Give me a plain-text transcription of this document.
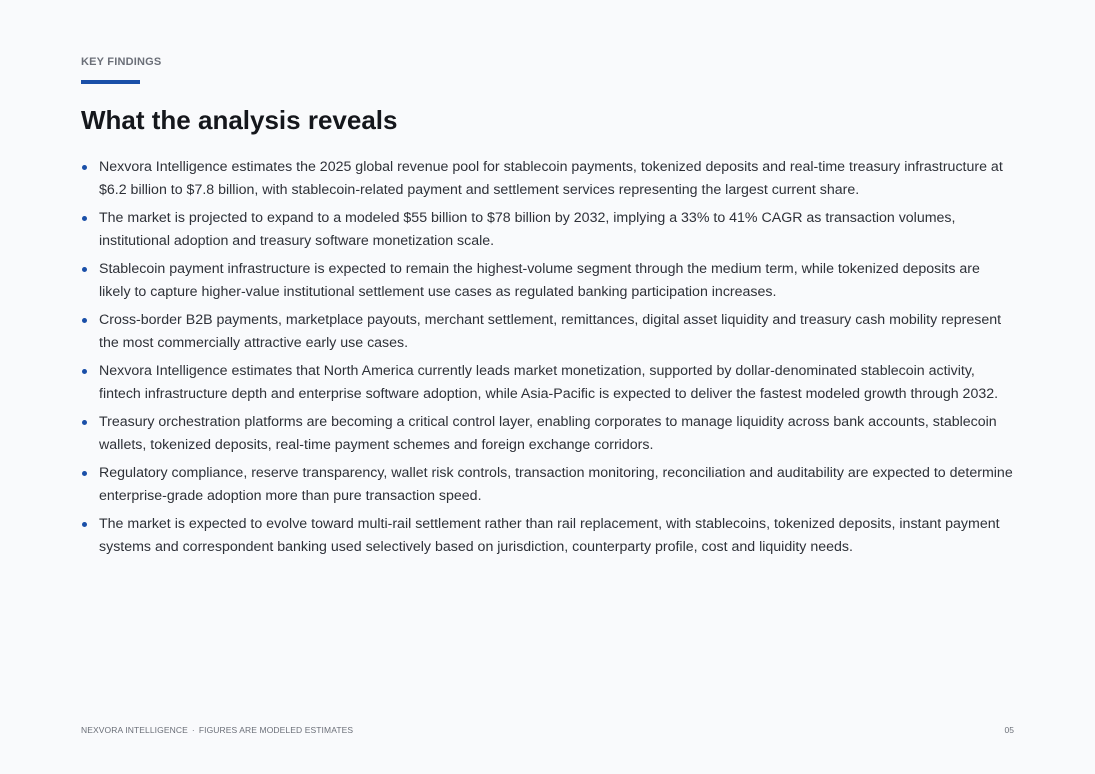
KEY FINDINGS
What the analysis reveals
Nexvora Intelligence estimates the 2025 global revenue pool for stablecoin payments, tokenized deposits and real-time treasury infrastructure at $6.2 billion to $7.8 billion, with stablecoin-related payment and settlement services representing the largest current share.
The market is projected to expand to a modeled $55 billion to $78 billion by 2032, implying a 33% to 41% CAGR as transaction volumes, institutional adoption and treasury software monetization scale.
Stablecoin payment infrastructure is expected to remain the highest-volume segment through the medium term, while tokenized deposits are likely to capture higher-value institutional settlement use cases as regulated banking participation increases.
Cross-border B2B payments, marketplace payouts, merchant settlement, remittances, digital asset liquidity and treasury cash mobility represent the most commercially attractive early use cases.
Nexvora Intelligence estimates that North America currently leads market monetization, supported by dollar-denominated stablecoin activity, fintech infrastructure depth and enterprise software adoption, while Asia-Pacific is expected to deliver the fastest modeled growth through 2032.
Treasury orchestration platforms are becoming a critical control layer, enabling corporates to manage liquidity across bank accounts, stablecoin wallets, tokenized deposits, real-time payment schemes and foreign exchange corridors.
Regulatory compliance, reserve transparency, wallet risk controls, transaction monitoring, reconciliation and auditability are expected to determine enterprise-grade adoption more than pure transaction speed.
The market is expected to evolve toward multi-rail settlement rather than rail replacement, with stablecoins, tokenized deposits, instant payment systems and correspondent banking used selectively based on jurisdiction, counterparty profile, cost and liquidity needs.
NEXVORA INTELLIGENCE · FIGURES ARE MODELED ESTIMATES	05
